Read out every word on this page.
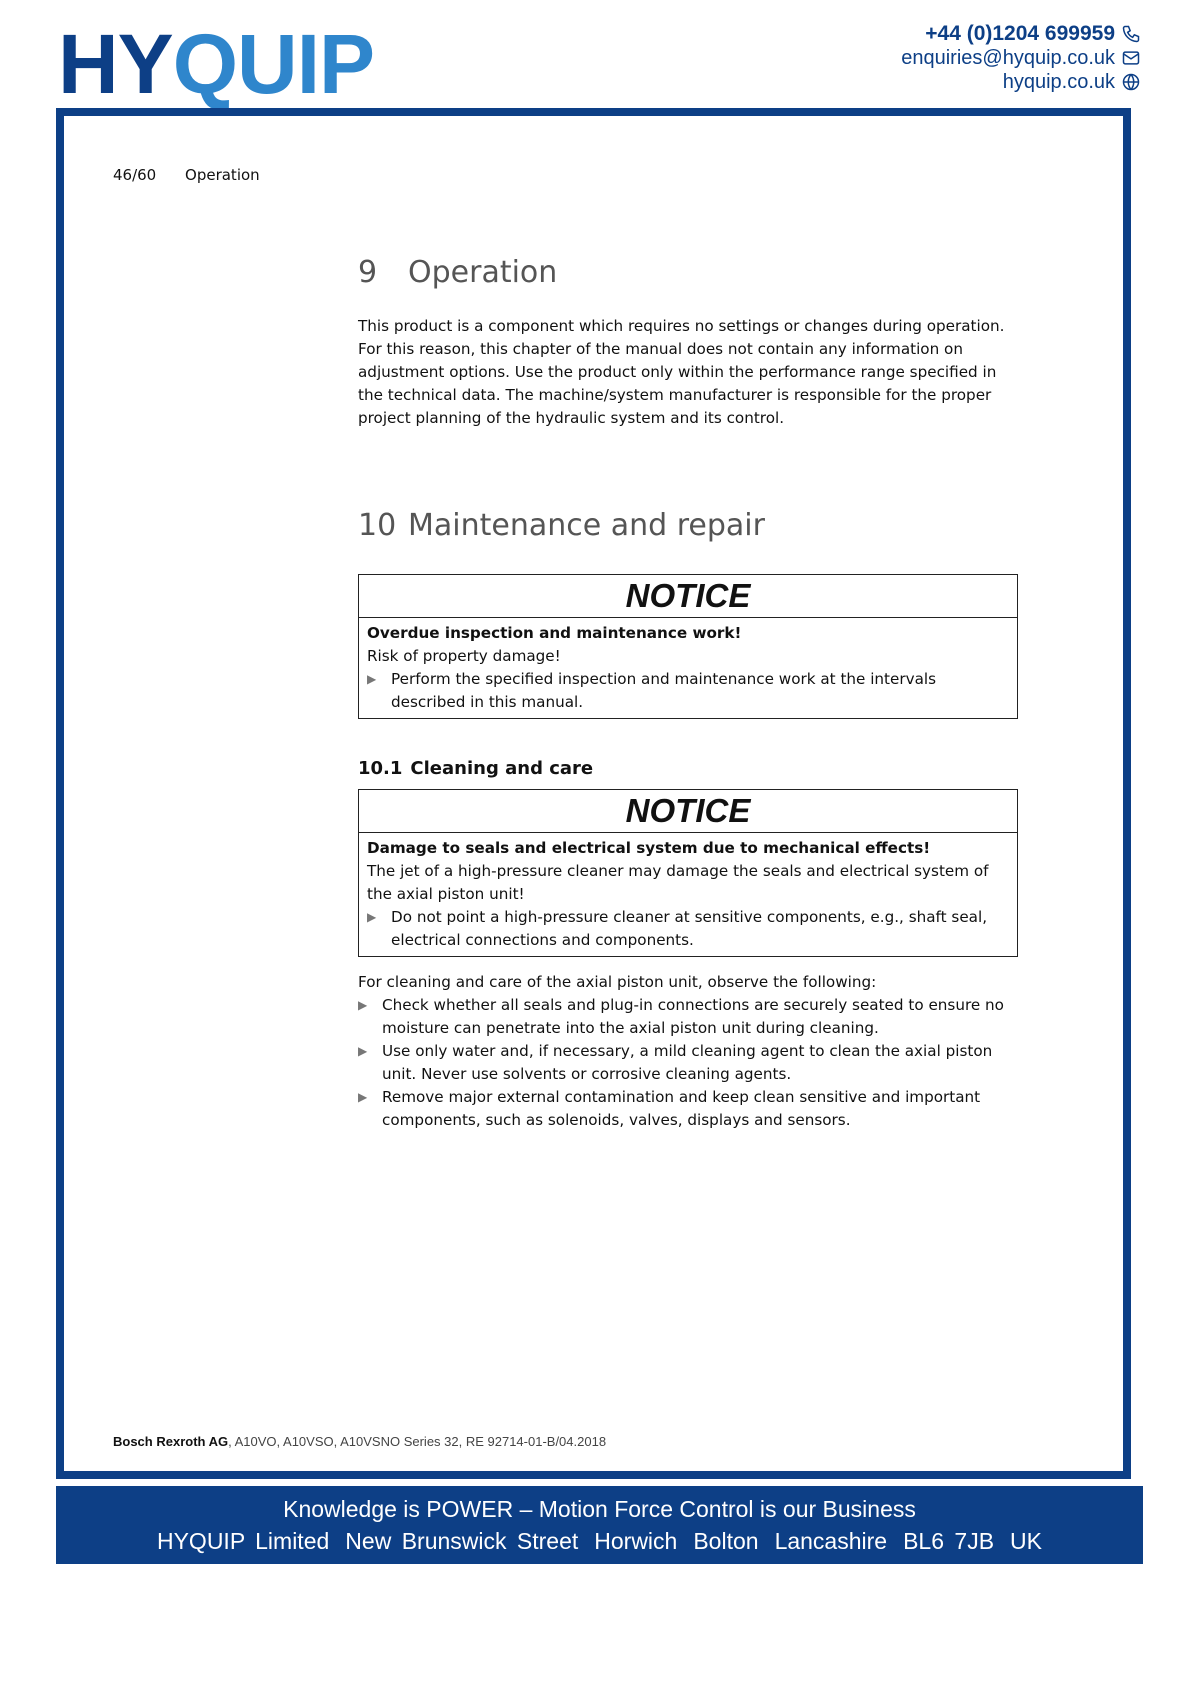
HYQUIP	+44 (0)1204 699959
enquiries@hyquip.co.uk
hyquip.co.uk
46/60 Operation
9 Operation

This product is a component which requires no settings or changes during operation. For this reason, this chapter of the manual does not contain any information on adjustment options. Use the product only within the performance range specified in the technical data. The machine/system manufacturer is responsible for the proper project planning of the hydraulic system and its control.

10 Maintenance and repair
NOTICE

Overdue inspection and maintenance work!

Risk of property damage!

▶ Perform the specified inspection and maintenance work at the intervals described in this manual.
10.1 Cleaning and care
NOTICE

Damage to seals and electrical system due to mechanical effects!

The jet of a high-pressure cleaner may damage the seals and electrical system of the axial piston unit!

▶ Do not point a high-pressure cleaner at sensitive components, e.g., shaft seal, electrical connections and components.

For cleaning and care of the axial piston unit, observe the following:

▶ Check whether all seals and plug-in connections are securely seated to ensure no moisture can penetrate into the axial piston unit during cleaning.
▶ Use only water and, if necessary, a mild cleaning agent to clean the axial piston unit. Never use solvents or corrosive cleaning agents.
▶ Remove major external contamination and keep clean sensitive and important components, such as solenoids, valves, displays and sensors.
Bosch Rexroth AG, A10VO, A10VSO, A10VSNO Series 32, RE 92714-01-B/04.2018
Knowledge is POWER – Motion Force Control is our Business
HYQUIP Limited New Brunswick Street Horwich Bolton Lancashire BL6 7JB UK
